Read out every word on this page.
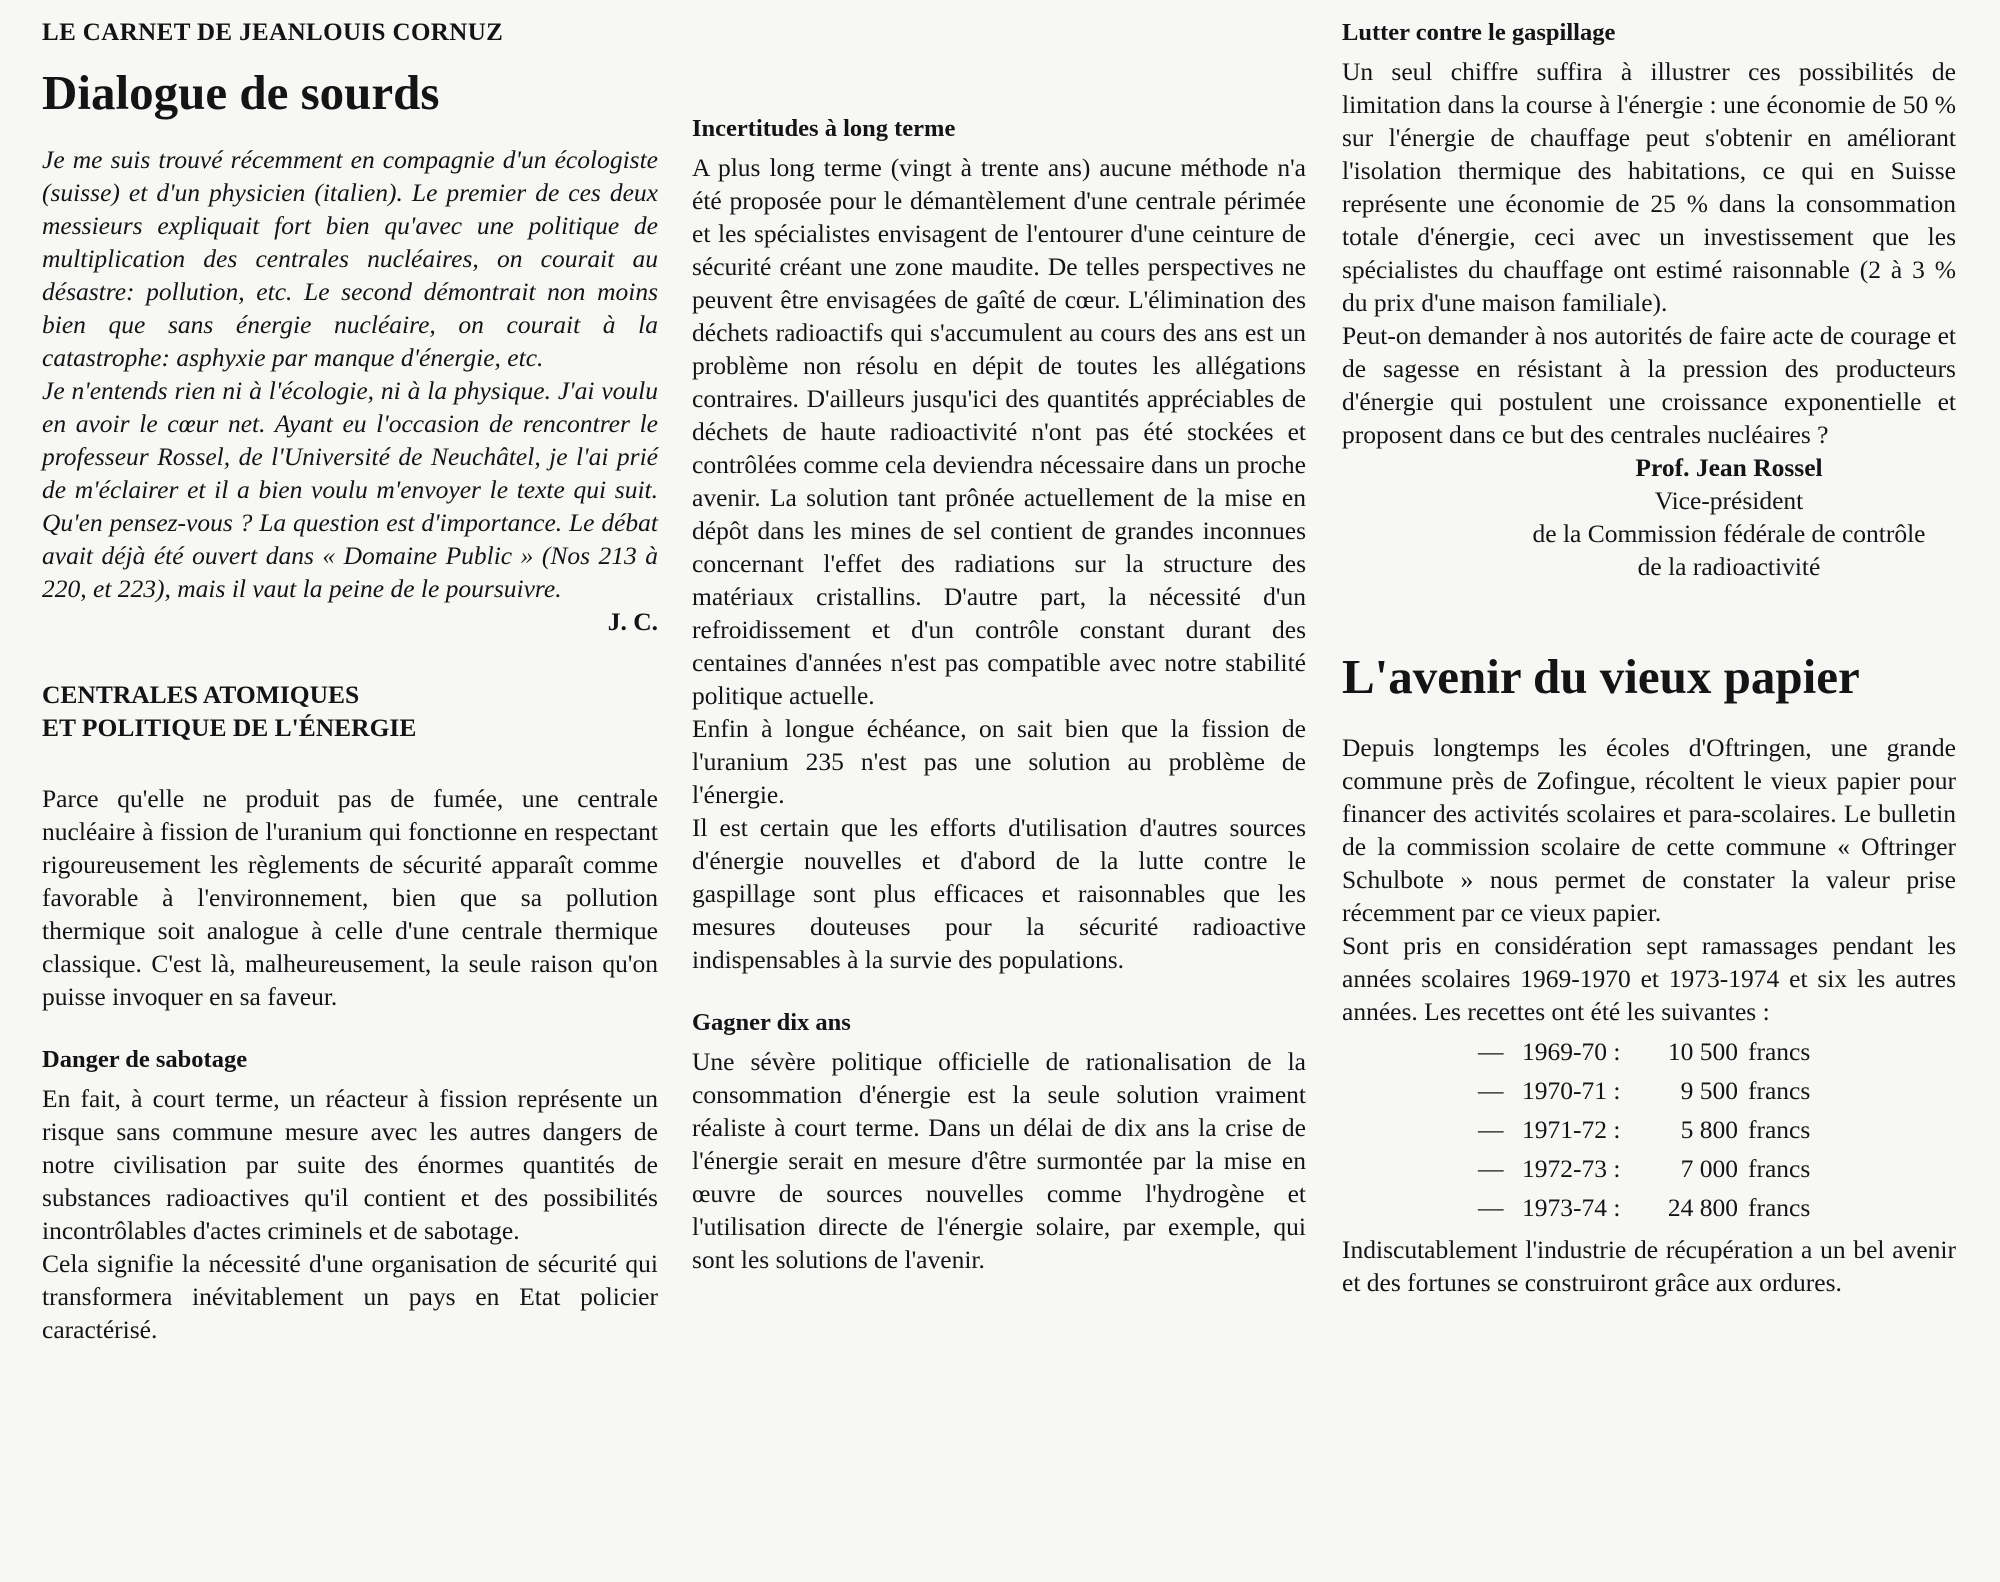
LE CARNET DE JEANLOUIS CORNUZ
Dialogue de sourds

Je me suis trouvé récemment en compagnie d'un écologiste (suisse) et d'un physicien (italien). Le premier de ces deux messieurs expliquait fort bien qu'avec une politique de multiplication des centrales nucléaires, on courait au désastre: pollution, etc. Le second démontrait non moins bien que sans énergie nucléaire, on courait à la catastrophe: asphyxie par manque d'énergie, etc.

Je n'entends rien ni à l'écologie, ni à la physique. J'ai voulu en avoir le cœur net. Ayant eu l'occasion de rencontrer le professeur Rossel, de l'Université de Neuchâtel, je l'ai prié de m'éclairer et il a bien voulu m'envoyer le texte qui suit. Qu'en pensez-vous ? La question est d'importance. Le débat avait déjà été ouvert dans « Domaine Public » (Nos 213 à 220, et 223), mais il vaut la peine de le poursuivre.

J. C.

CENTRALES ATOMIQUES
ET POLITIQUE DE L'ÉNERGIE

Parce qu'elle ne produit pas de fumée, une centrale nucléaire à fission de l'uranium qui fonctionne en respectant rigoureusement les règlements de sécurité apparaît comme favorable à l'environnement, bien que sa pollution thermique soit analogue à celle d'une centrale thermique classique. C'est là, malheureusement, la seule raison qu'on puisse invoquer en sa faveur.

Danger de sabotage

En fait, à court terme, un réacteur à fission représente un risque sans commune mesure avec les autres dangers de notre civilisation par suite des énormes quantités de substances radioactives qu'il contient et des possibilités incontrôlables d'actes criminels et de sabotage.

Cela signifie la nécessité d'une organisation de sécurité qui transformera inévitablement un pays en Etat policier caractérisé.

Incertitudes à long terme

A plus long terme (vingt à trente ans) aucune méthode n'a été proposée pour le démantèlement d'une centrale périmée et les spécialistes envisagent de l'entourer d'une ceinture de sécurité créant une zone maudite. De telles perspectives ne peuvent être envisagées de gaîté de cœur. L'élimination des déchets radioactifs qui s'accumulent au cours des ans est un problème non résolu en dépit de toutes les allégations contraires. D'ailleurs jusqu'ici des quantités appréciables de déchets de haute radioactivité n'ont pas été stockées et contrôlées comme cela deviendra nécessaire dans un proche avenir. La solution tant prônée actuellement de la mise en dépôt dans les mines de sel contient de grandes inconnues concernant l'effet des radiations sur la structure des matériaux cristallins. D'autre part, la nécessité d'un refroidissement et d'un contrôle constant durant des centaines d'années n'est pas compatible avec notre stabilité politique actuelle.

Enfin à longue échéance, on sait bien que la fission de l'uranium 235 n'est pas une solution au problème de l'énergie.

Il est certain que les efforts d'utilisation d'autres sources d'énergie nouvelles et d'abord de la lutte contre le gaspillage sont plus efficaces et raisonnables que les mesures douteuses pour la sécurité radioactive indispensables à la survie des populations.

Gagner dix ans

Une sévère politique officielle de rationalisation de la consommation d'énergie est la seule solution vraiment réaliste à court terme. Dans un délai de dix ans la crise de l'énergie serait en mesure d'être surmontée par la mise en œuvre de sources nouvelles comme l'hydrogène et l'utilisation directe de l'énergie solaire, par exemple, qui sont les solutions de l'avenir.

Lutter contre le gaspillage

Un seul chiffre suffira à illustrer ces possibilités de limitation dans la course à l'énergie : une économie de 50 % sur l'énergie de chauffage peut s'obtenir en améliorant l'isolation thermique des habitations, ce qui en Suisse représente une économie de 25 % dans la consommation totale d'énergie, ceci avec un investissement que les spécialistes du chauffage ont estimé raisonnable (2 à 3 % du prix d'une maison familiale).

Peut-on demander à nos autorités de faire acte de courage et de sagesse en résistant à la pression des producteurs d'énergie qui postulent une croissance exponentielle et proposent dans ce but des centrales nucléaires ?

Prof. Jean Rossel
Vice-président
de la Commission fédérale de contrôle
de la radioactivité
L'avenir du vieux papier

Depuis longtemps les écoles d'Oftringen, une grande commune près de Zofingue, récoltent le vieux papier pour financer des activités scolaires et para-scolaires. Le bulletin de la commission scolaire de cette commune « Oftringer Schulbote » nous permet de constater la valeur prise récemment par ce vieux papier.

Sont pris en considération sept ramassages pendant les années scolaires 1969-1970 et 1973-1974 et six les autres années. Les recettes ont été les suivantes :

— 1969-70 :	10 500 francs
— 1970-71 :	9 500 francs
— 1971-72 :	5 800 francs
— 1972-73 :	7 000 francs
— 1973-74 :	24 800 francs

Indiscutablement l'industrie de récupération a un bel avenir et des fortunes se construiront grâce aux ordures.
